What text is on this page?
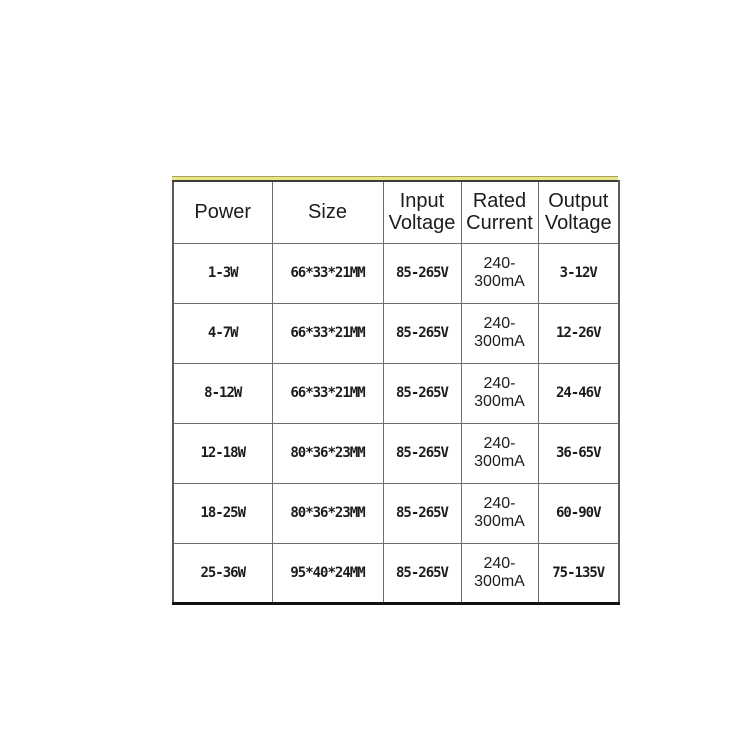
Power	Size	Input Voltage	Rated Current	Output Voltage
1-3W	66*33*21MM	85-265V	240-300mA	3-12V
4-7W	66*33*21MM	85-265V	240-300mA	12-26V
8-12W	66*33*21MM	85-265V	240-300mA	24-46V
12-18W	80*36*23MM	85-265V	240-300mA	36-65V
18-25W	80*36*23MM	85-265V	240-300mA	60-90V
25-36W	95*40*24MM	85-265V	240-300mA	75-135V
